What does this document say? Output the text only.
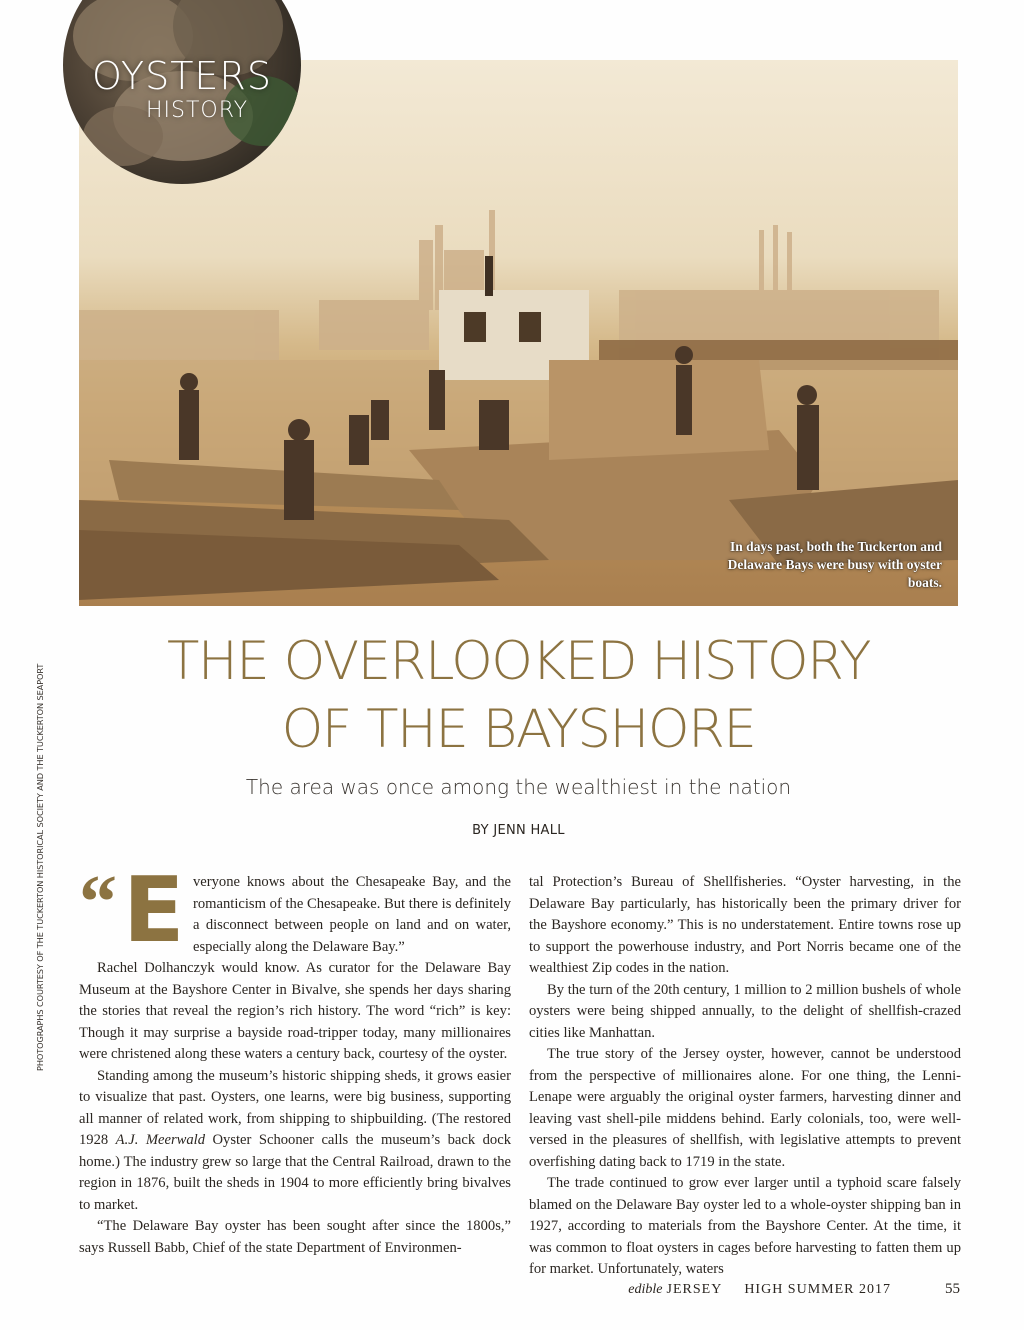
In days past, both the Tuckerton and Delaware Bays were busy with oyster boats.
OYSTERS
HISTORY
PHOTOGRAPHS COURTESY OF THE TUCKERTON HISTORICAL SOCIETY AND THE TUCKERTON SEAPORT
THE OVERLOOKED HISTORY
OF THE BAYSHORE
The area was once among the wealthiest in the nation
BY JENN HALL

“ E veryone knows about the Chesapeake Bay, and the romanticism of the Chesapeake. But there is definitely a disconnect between people on land and on water, especially along the Delaware Bay.”

Rachel Dolhanczyk would know. As curator for the Delaware Bay Museum at the Bayshore Center in Bivalve, she spends her days sharing the stories that reveal the region’s rich history. The word “rich” is key: Though it may surprise a bayside road-tripper today, many millionaires were christened along these waters a century back, courtesy of the oyster.

Standing among the museum’s historic shipping sheds, it grows easier to visualize that past. Oysters, one learns, were big business, supporting all manner of related work, from shipping to shipbuilding. (The restored 1928 A.J. Meerwald Oyster Schooner calls the museum’s back dock home.) The industry grew so large that the Central Railroad, drawn to the region in 1876, built the sheds in 1904 to more efficiently bring bivalves to market.

“The Delaware Bay oyster has been sought after since the 1800s,” says Russell Babb, Chief of the state Department of Environmen-

tal Protection’s Bureau of Shellfisheries. “Oyster harvesting, in the Delaware Bay particularly, has historically been the primary driver for the Bayshore economy.” This is no understatement. Entire towns rose up to support the powerhouse industry, and Port Norris became one of the wealthiest Zip codes in the nation.

By the turn of the 20th century, 1 million to 2 million bushels of whole oysters were being shipped annually, to the delight of shellfish-crazed cities like Manhattan.

The true story of the Jersey oyster, however, cannot be understood from the perspective of millionaires alone. For one thing, the Lenni-Lenape were arguably the original oyster farmers, harvesting dinner and leaving vast shell-pile middens behind. Early colonials, too, were well-versed in the pleasures of shellfish, with legislative attempts to prevent overfishing dating back to 1719 in the state.

The trade continued to grow ever larger until a typhoid scare falsely blamed on the Delaware Bay oyster led to a whole-oyster shipping ban in 1927, according to materials from the Bayshore Center. At the time, it was common to float oysters in cages before harvesting to fatten them up for market. Unfortunately, waters

edible JERSEY HIGH SUMMER 2017	55
